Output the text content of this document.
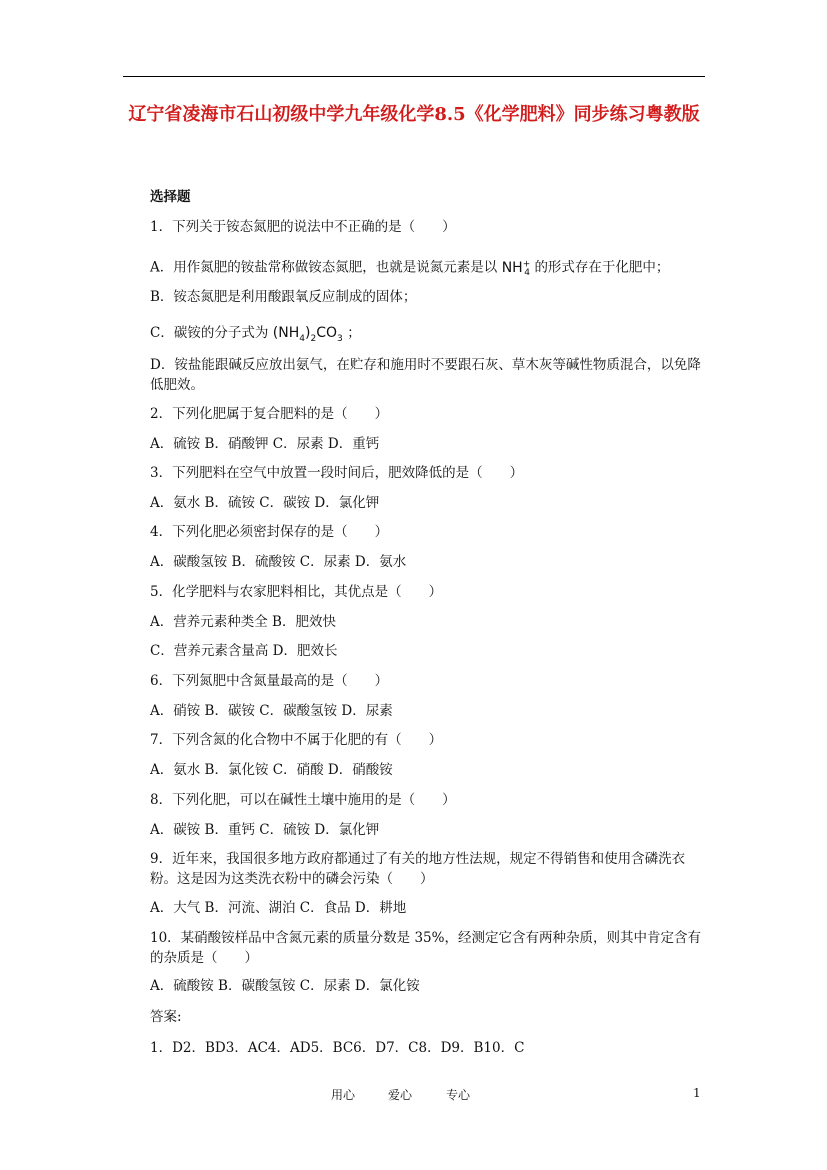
辽宁省凌海市石山初级中学九年级化学8.5《化学肥料》同步练习粤教版
选择题
1．下列关于铵态氮肥的说法中不正确的是（　　）
A．用作氮肥的铵盐常称做铵态氮肥，也就是说氮元素是以 $NH^+_4$ 的形式存在于化肥中；
B．铵态氮肥是利用酸跟氧反应制成的固体；
C．碳铵的分子式为 $(NH_4)_2CO_3$ ；
D．铵盐能跟碱反应放出氨气，在贮存和施用时不要跟石灰、草木灰等碱性物质混合，以免降低肥效。
2．下列化肥属于复合肥料的是（　　）
A．硫铵 B．硝酸钾 C．尿素 D．重钙
3．下列肥料在空气中放置一段时间后，肥效降低的是（　　）
A．氨水 B．硫铵 C．碳铵 D．氯化钾
4．下列化肥必须密封保存的是（　　）
A．碳酸氢铵 B．硫酸铵 C．尿素 D．氨水
5．化学肥料与农家肥料相比，其优点是（　　）
A．营养元素种类全 B．肥效快
C．营养元素含量高 D．肥效长
6．下列氮肥中含氮量最高的是（　　）
A．硝铵 B．碳铵 C．碳酸氢铵 D．尿素
7．下列含氮的化合物中不属于化肥的有（　　）
A．氨水 B．氯化铵 C．硝酸 D．硝酸铵
8．下列化肥，可以在碱性土壤中施用的是（　　）
A．碳铵 B．重钙 C．硫铵 D．氯化钾
9．近年来，我国很多地方政府都通过了有关的地方性法规，规定不得销售和使用含磷洗衣粉。这是因为这类洗衣粉中的磷会污染（　　）
A．大气 B．河流、湖泊 C．食品 D．耕地
10．某硝酸铵样品中含氮元素的质量分数是 35%，经测定它含有两种杂质，则其中肯定含有的杂质是（　　）
A．硫酸铵 B．碳酸氢铵 C．尿素 D．氯化铵
答案:
1．D2．BD3．AC4．AD5．BC6．D7．C8．D9．B10．C
用心	爱心	专心	1
